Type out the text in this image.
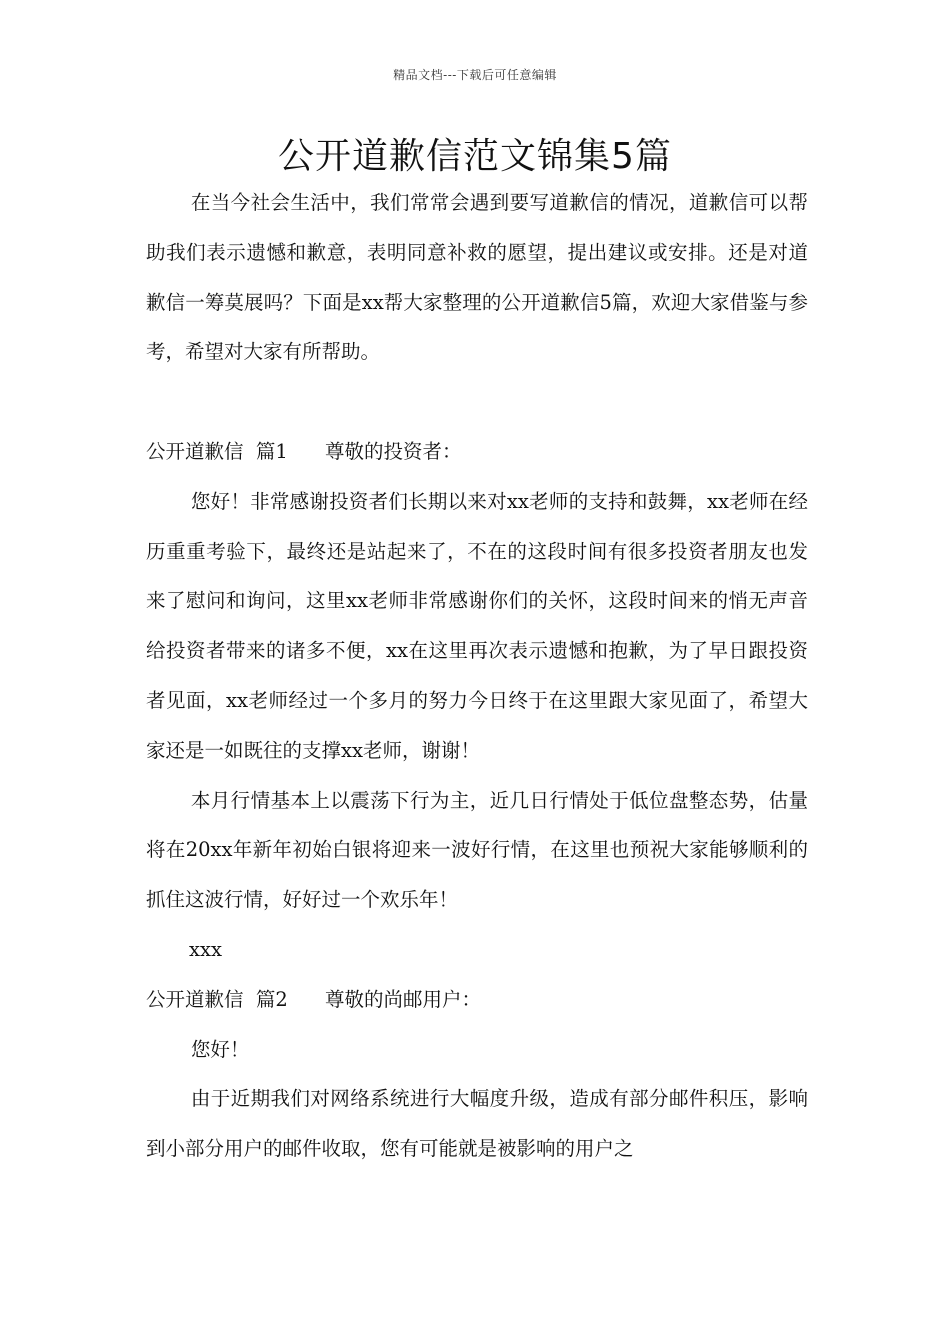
精品文档---下载后可任意编辑
公开道歉信范文锦集5篇

在当今社会生活中，我们常常会遇到要写道歉信的情况，道歉信可以帮助我们表示遗憾和歉意，表明同意补救的愿望，提出建议或安排。还是对道歉信一筹莫展吗？下面是xx帮大家整理的公开道歉信5篇，欢迎大家借鉴与参考，希望对大家有所帮助。

公开道歉信  篇1 尊敬的投资者：

您好！非常感谢投资者们长期以来对xx老师的支持和鼓舞，xx老师在经历重重考验下，最终还是站起来了，不在的这段时间有很多投资者朋友也发来了慰问和询问，这里xx老师非常感谢你们的关怀，这段时间来的悄无声音给投资者带来的诸多不便，xx在这里再次表示遗憾和抱歉，为了早日跟投资者见面，xx老师经过一个多月的努力今日终于在这里跟大家见面了，希望大家还是一如既往的支撑xx老师，谢谢！

本月行情基本上以震荡下行为主，近几日行情处于低位盘整态势，估量将在20xx年新年初始白银将迎来一波好行情，在这里也预祝大家能够顺利的抓住这波行情，好好过一个欢乐年！

xxx

公开道歉信  篇2 尊敬的尚邮用户：

您好！

由于近期我们对网络系统进行大幅度升级，造成有部分邮件积压，影响到小部分用户的邮件收取，您有可能就是被影响的用户之
